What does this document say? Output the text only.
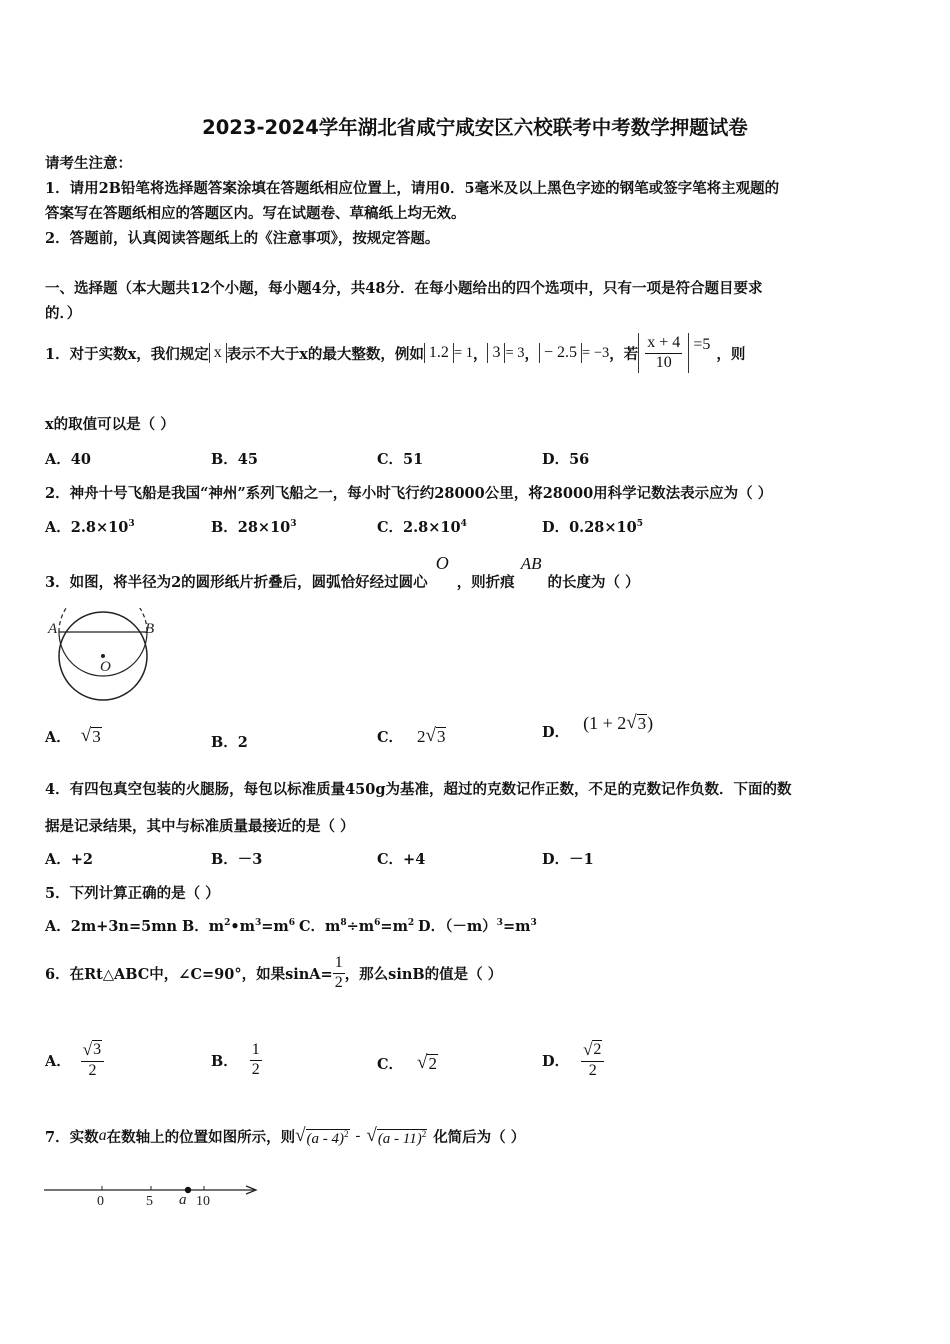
2023-2024学年湖北省咸宁咸安区六校联考中考数学押题试卷
请考生注意：
1．请用2B铅笔将选择题答案涂填在答题纸相应位置上，请用0．5毫米及以上黑色字迹的钢笔或签字笔将主观题的
答案写在答题纸相应的答题区内。写在试题卷、草稿纸上均无效。
2．答题前，认真阅读答题纸上的《注意事项》，按规定答题。
一、选择题（本大题共12个小题，每小题4分，共48分．在每小题给出的四个选项中，只有一项是符合题目要求
的．）
1．对于实数x，我们规定 x 表示不大于x的最大整数，例如 1.2 = 1 ， 3 = 3 ， − 2.5 = −3 ，若 $\frac{x + 4}{10} =5$
，则
x的取值可以是（ ）
A．40	B．45	C．51	D．56
2．神舟十号飞船是我国“神州”系列飞船之一，每小时飞行约28000公里，将28000用科学记数法表示应为（ ）
A．$2.8\times 10^3$	B．$28\times 10^3$	C．$2.8\times 10^4$	D．$0.28\times 10^5$
3．如图，将半径为2的圆形纸片折叠后，圆弧恰好经过圆心
O
，则折痕
AB
的长度为（ ）
A	B
O
A． √ 3	B．2	C． 2 √ 3	D． (1 + 2 √ 3 )
4．有四包真空包装的火腿肠，每包以标准质量450g为基准，超过的克数记作正数，不足的克数记作负数．下面的数
据是记录结果，其中与标准质量最接近的是（ ）
A．+2	B．－3	C．+4	D．－1
5．下列计算正确的是（ ）
A．2m+3n=5mn B．$m^2•m^3=m^6$ C．$m^8\div m^6=m^2$ D．$(-m)^3=m^3$
6．在Rt△ABC中，∠C=90°，如果$\sin A= \frac{1}{2}$ ，那么sinB的值是（ ）
A． $\frac{√ 3}{2}$	B． $\frac{1}{2}$	C． √ 2	D． $\frac{√ 2}{2}$
7．实数 a 在数轴上的位置如图所示，则 √ (a - 4)$^2$ - √ (a - 11)$^2$ 化简后为（ ）
0	5 a 10
